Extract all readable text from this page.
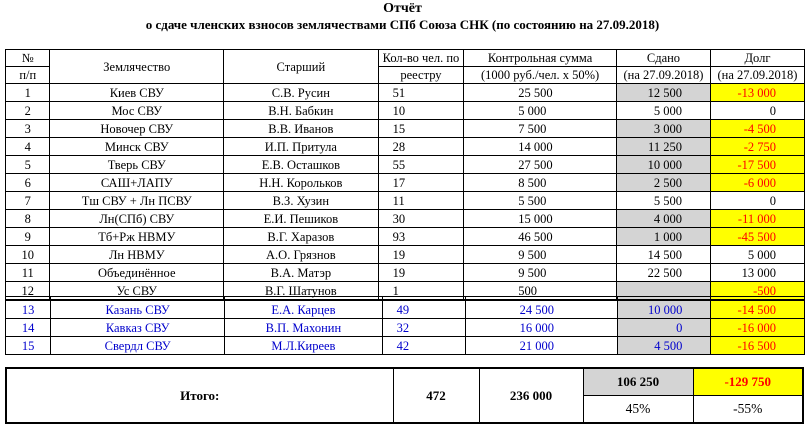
Отчёт
о сдаче членских взносов землячествами СПб Союза СНК (по состоянию на 27.09.2018)
№	Землячество	Старший	Кол-во чел. по	Контрольная сумма	Сдано	Долг
п/п			реестру	(1000 руб./чел. х 50%)	(на 27.09.2018)	(на 27.09.2018)
1	Киев СВУ	С.В. Русин	51	25 500	12 500	-13 000
2	Мос СВУ	В.Н. Бабкин	10	5 000	5 000	0
3	Новочер СВУ	В.В. Иванов	15	7 500	3 000	-4 500
4	Минск СВУ	И.П. Притула	28	14 000	11 250	-2 750
5	Тверь СВУ	Е.В. Осташков	55	27 500	10 000	-17 500
6	САШ+ЛАПУ	Н.Н. Корольков	17	8 500	2 500	-6 000
7	Тш СВУ + Лн ПСВУ	В.З. Хузин	11	5 500	5 500	0
8	Лн(СПб) СВУ	Е.И. Пешиков	30	15 000	4 000	-11 000
9	Тб+Рж НВМУ	В.Г. Харазов	93	46 500	1 000	-45 500
10	Лн НВМУ	А.О. Грязнов	19	9 500	14 500	5 000
11	Объединённое	В.А. Матэр	19	9 500	22 500	13 000
12	Ус СВУ	В.Г. Шатунов	1	500		-500

13	Казань СВУ	Е.А. Карцев	49	24 500	10 000	-14 500
14	Кавказ СВУ	В.П. Махонин	32	16 000	0	-16 000
15	Свердл СВУ	М.Л.Киреев	42	21 000	4 500	-16 500
Итого:	472	236 000	106 250	-129 750
			45%	-55%
